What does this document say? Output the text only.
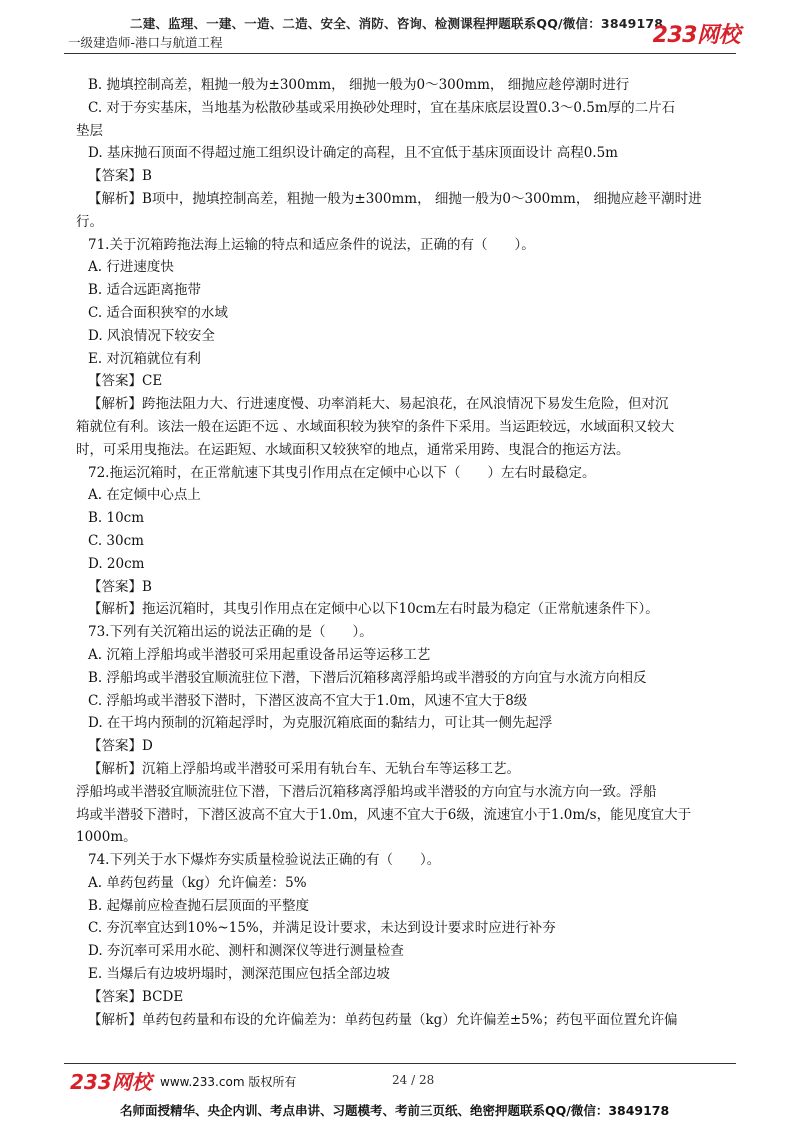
二建、监理、一建、一造、二造、安全、消防、咨询、检测课程押题联系QQ/微信：3849178
一级建造师-港口与航道工程	233网校
B. 抛填控制高差，粗抛一般为±300mm， 细抛一般为0～300mm， 细抛应趁停潮时进行
C. 对于夯实基床，当地基为松散砂基或采用换砂处理时，宜在基床底层设置0.3～0.5m厚的二片石
垫层
D. 基床抛石顶面不得超过施工组织设计确定的高程，且不宜低于基床顶面设计 高程0.5m
【答案】B
【解析】B项中，抛填控制高差，粗抛一般为±300mm， 细抛一般为0～300mm， 细抛应趁平潮时进
行。
71.关于沉箱跨拖法海上运输的特点和适应条件的说法，正确的有（　　）。
A. 行进速度快
B. 适合远距离拖带
C. 适合面积狭窄的水域
D. 风浪情况下较安全
E. 对沉箱就位有利
【答案】CE
【解析】跨拖法阻力大、行进速度慢、功率消耗大、易起浪花，在风浪情况下易发生危险，但对沉
箱就位有利。该法一般在运距不远 、水域面积较为狭窄的条件下采用。当运距较远，水域面积又较大
时，可采用曳拖法。在运距短、水域面积又较狭窄的地点，通常采用跨、曳混合的拖运方法。
72.拖运沉箱时，在正常航速下其曳引作用点在定倾中心以下（　　）左右时最稳定。
A. 在定倾中心点上
B. 10cm
C. 30cm
D. 20cm
【答案】B
【解析】拖运沉箱时，其曳引作用点在定倾中心以下10cm左右时最为稳定（正常航速条件下）。
73.下列有关沉箱出运的说法正确的是（　　）。
A. 沉箱上浮船坞或半潜驳可采用起重设备吊运等运移工艺
B. 浮船坞或半潜驳宜顺流驻位下潜，下潜后沉箱移离浮船坞或半潜驳的方向宜与水流方向相反
C. 浮船坞或半潜驳下潜时，下潜区波高不宜大于1.0m，风速不宜大于8级
D. 在干坞内预制的沉箱起浮时，为克服沉箱底面的黏结力，可让其一侧先起浮
【答案】D
【解析】沉箱上浮船坞或半潜驳可采用有轨台车、无轨台车等运移工艺。
浮船坞或半潜驳宜顺流驻位下潜，下潜后沉箱移离浮船坞或半潜驳的方向宜与水流方向一致。浮船
坞或半潜驳下潜时，下潜区波高不宜大于1.0m，风速不宜大于6级，流速宜小于1.0m/s，能见度宜大于
1000m。
74.下列关于水下爆炸夯实质量检验说法正确的有（　　）。
A. 单药包药量（kg）允许偏差：5%
B. 起爆前应检查抛石层顶面的平整度
C. 夯沉率宜达到10%~15%，并满足设计要求，未达到设计要求时应进行补夯
D. 夯沉率可采用水砣、测杆和测深仪等进行测量检查
E. 当爆后有边坡坍塌时，测深范围应包括全部边坡
【答案】BCDE
【解析】单药包药量和布设的允许偏差为：单药包药量（kg）允许偏差±5%；药包平面位置允许偏
233网校 www.233.com 版权所有	24 / 28
名师面授精华、央企内训、考点串讲、习题模考、考前三页纸、绝密押题联系QQ/微信：3849178
